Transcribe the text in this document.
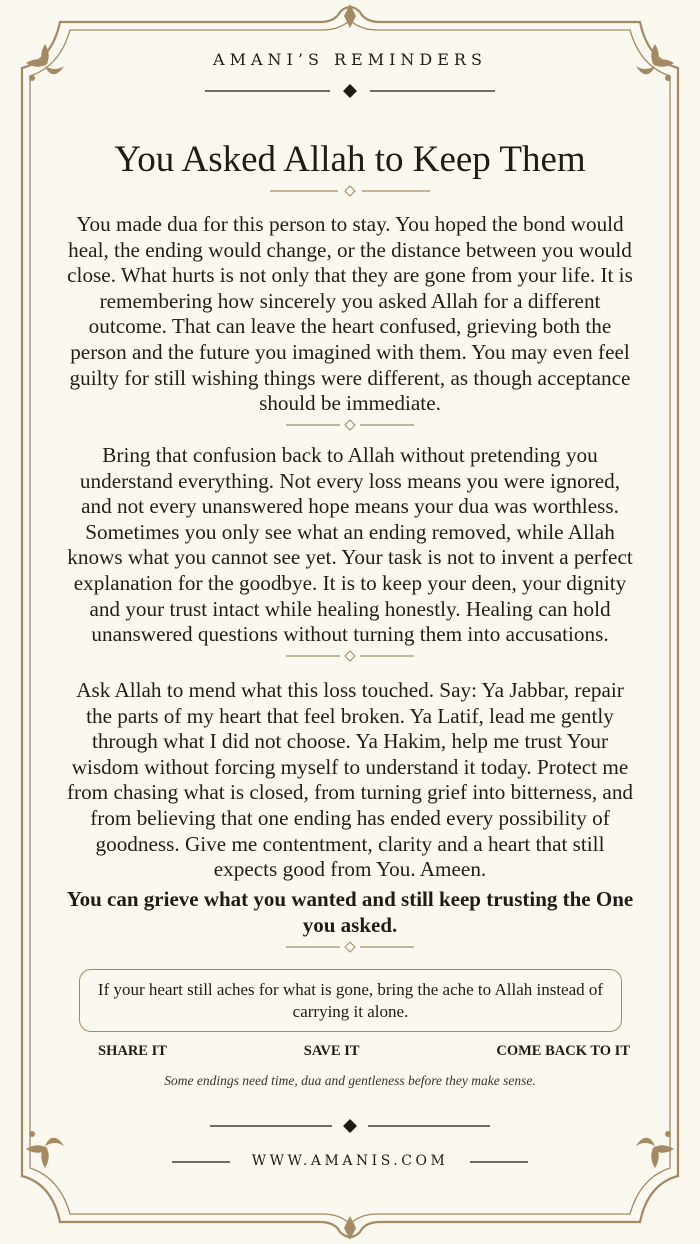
AMANI’S REMINDERS
You Asked Allah to Keep Them
You made dua for this person to stay. You hoped the bond would heal, the ending would change, or the distance between you would close. What hurts is not only that they are gone from your life. It is remembering how sincerely you asked Allah for a different outcome. That can leave the heart confused, grieving both the person and the future you imagined with them. You may even feel guilty for still wishing things were different, as though acceptance should be immediate.
Bring that confusion back to Allah without pretending you understand everything. Not every loss means you were ignored, and not every unanswered hope means your dua was worthless. Sometimes you only see what an ending removed, while Allah knows what you cannot see yet. Your task is not to invent a perfect explanation for the goodbye. It is to keep your deen, your dignity and your trust intact while healing honestly. Healing can hold unanswered questions without turning them into accusations.
Ask Allah to mend what this loss touched. Say: Ya Jabbar, repair the parts of my heart that feel broken. Ya Latif, lead me gently through what I did not choose. Ya Hakim, help me trust Your wisdom without forcing myself to understand it today. Protect me from chasing what is closed, from turning grief into bitterness, and from believing that one ending has ended every possibility of goodness. Give me contentment, clarity and a heart that still expects good from You. Ameen.
You can grieve what you wanted and still keep trusting the One you asked.
If your heart still aches for what is gone, bring the ache to Allah instead of carrying it alone.
SHARE IT	SAVE IT	COME BACK TO IT
Some endings need time, dua and gentleness before they make sense.
WWW.AMANIS.COM
